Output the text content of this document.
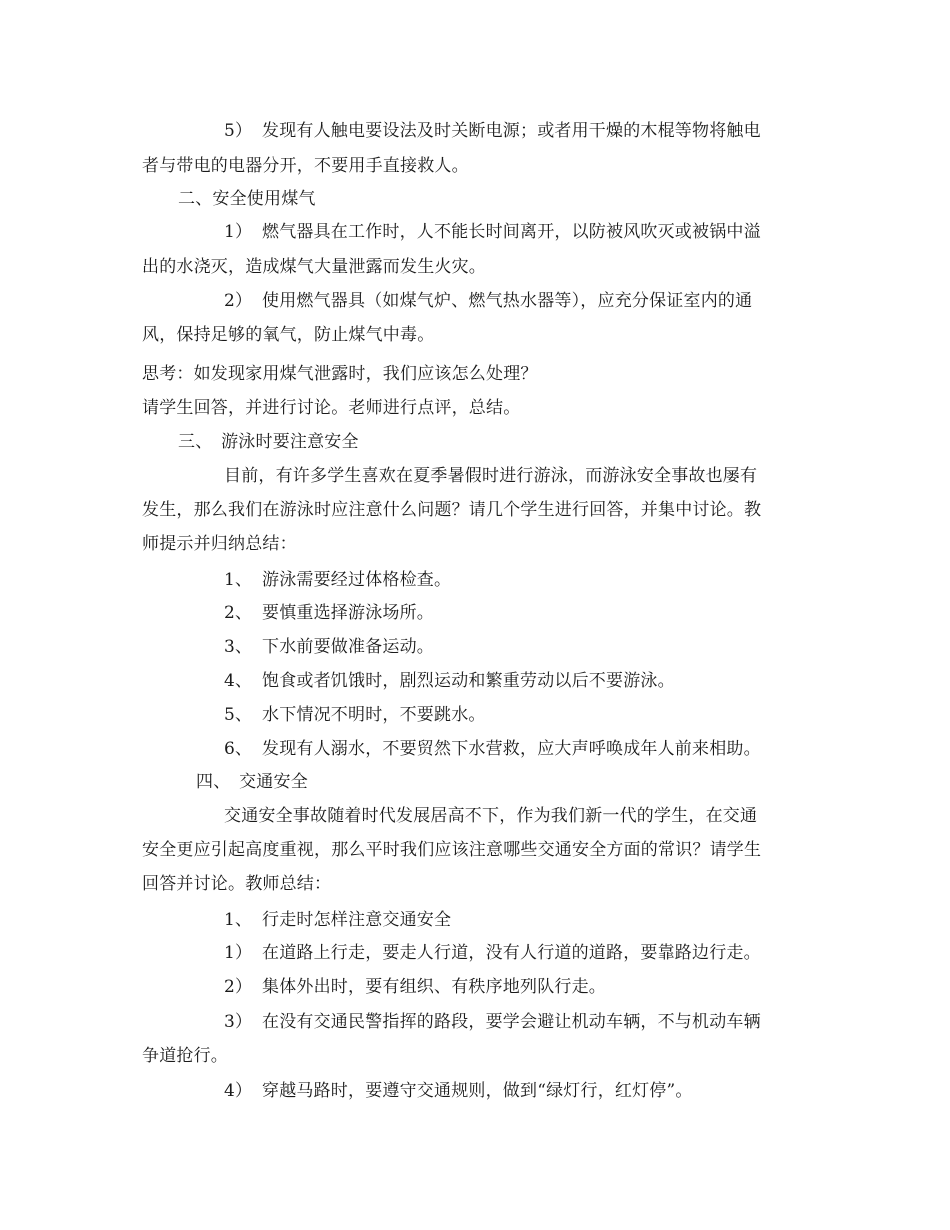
5） 发现有人触电要设法及时关断电源；或者用干燥的木棍等物将触电
者与带电的电器分开，不要用手直接救人。
二、安全使用煤气
1） 燃气器具在工作时，人不能长时间离开，以防被风吹灭或被锅中溢
出的水浇灭，造成煤气大量泄露而发生火灾。
2） 使用燃气器具（如煤气炉、燃气热水器等），应充分保证室内的通
风，保持足够的氧气，防止煤气中毒。
思考：如发现家用煤气泄露时，我们应该怎么处理？
请学生回答，并进行讨论。老师进行点评，总结。
三、　游泳时要注意安全
目前，有许多学生喜欢在夏季暑假时进行游泳，而游泳安全事故也屡有
发生，那么我们在游泳时应注意什么问题？请几个学生进行回答，并集中讨论。教
师提示并归纳总结：
1、 游泳需要经过体格检查。
2、 要慎重选择游泳场所。
3、 下水前要做准备运动。
4、 饱食或者饥饿时，剧烈运动和繁重劳动以后不要游泳。
5、 水下情况不明时，不要跳水。
6、 发现有人溺水，不要贸然下水营救，应大声呼唤成年人前来相助。
四、　交通安全
交通安全事故随着时代发展居高不下，作为我们新一代的学生，在交通
安全更应引起高度重视，那么平时我们应该注意哪些交通安全方面的常识？请学生
回答并讨论。教师总结：
1、 行走时怎样注意交通安全
1） 在道路上行走，要走人行道，没有人行道的道路，要靠路边行走。
2） 集体外出时，要有组织、有秩序地列队行走。
3） 在没有交通民警指挥的路段，要学会避让机动车辆，不与机动车辆
争道抢行。
4） 穿越马路时，要遵守交通规则，做到“绿灯行，红灯停”。
